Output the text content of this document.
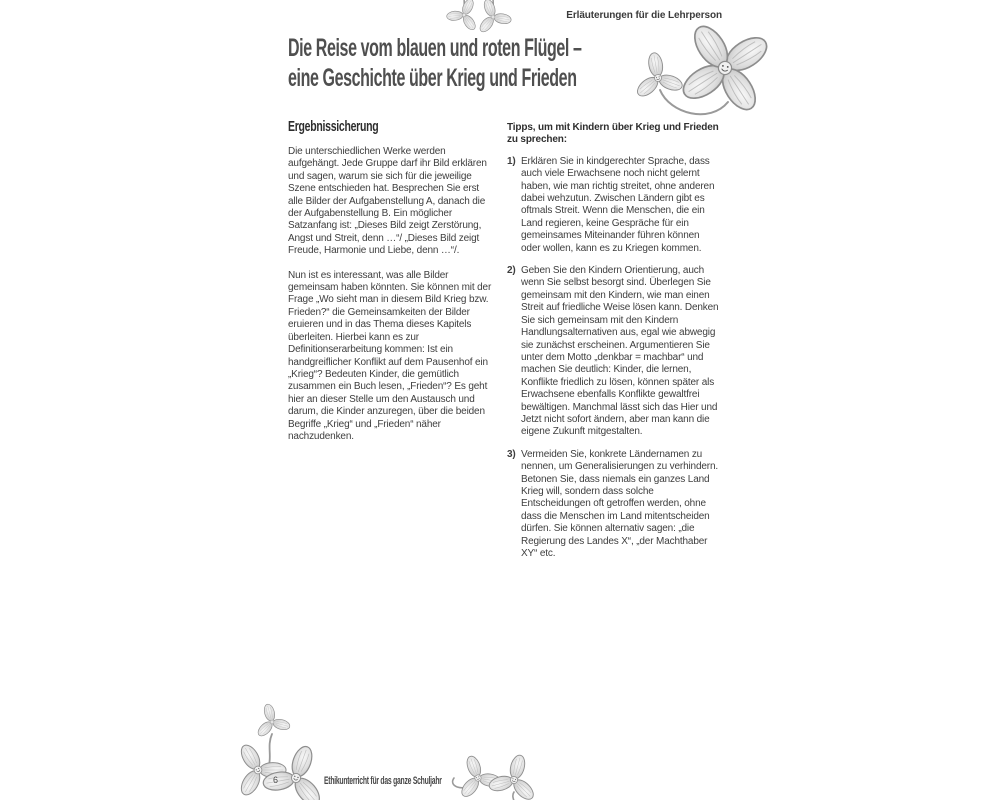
Erläuterungen für die Lehrperson
Die Reise vom blauen und roten Flügel –
eine Geschichte über Krieg und Frieden
Ergebnissicherung

Die unterschiedlichen Werke werden aufgehängt. Jede Gruppe darf ihr Bild erklären und sagen, warum sie sich für die jeweilige Szene entschieden hat. Besprechen Sie erst alle Bilder der Aufgabenstellung A, danach die der Aufgabenstellung B. Ein möglicher Satzanfang ist: „Dieses Bild zeigt Zerstörung, Angst und Streit, denn …“/ „Dieses Bild zeigt Freude, Harmonie und Liebe, denn …“/.

Nun ist es interessant, was alle Bilder gemeinsam haben könnten. Sie können mit der Frage „Wo sieht man in diesem Bild Krieg bzw. Frieden?“ die Gemeinsamkeiten der Bilder eruieren und in das Thema dieses Kapitels überleiten. Hierbei kann es zur Definitionserarbeitung kommen: Ist ein handgreiflicher Konflikt auf dem Pausenhof ein „Krieg“? Bedeuten Kinder, die gemütlich zusammen ein Buch lesen, „Frieden“? Es geht hier an dieser Stelle um den Austausch und darum, die Kinder anzuregen, über die beiden Begriffe „Krieg“ und „Frieden“ näher nachzudenken.

Tipps, um mit Kindern über Krieg und Frieden zu sprechen:
1) Erklären Sie in kindgerechter Sprache, dass auch viele Erwachsene noch nicht gelernt haben, wie man richtig streitet, ohne anderen dabei wehzutun. Zwischen Ländern gibt es oftmals Streit. Wenn die Menschen, die ein Land regieren, keine Gespräche für ein gemeinsames Miteinander führen können oder wollen, kann es zu Kriegen kommen.
2) Geben Sie den Kindern Orientierung, auch wenn Sie selbst besorgt sind. Überlegen Sie gemeinsam mit den Kindern, wie man einen Streit auf friedliche Weise lösen kann. Denken Sie sich gemeinsam mit den Kindern Handlungsalternativen aus, egal wie abwegig sie zunächst erscheinen. Argumentieren Sie unter dem Motto „denkbar = machbar“ und machen Sie deutlich: Kinder, die lernen, Konflikte friedlich zu lösen, können später als Erwachsene ebenfalls Konflikte gewaltfrei bewältigen. Manchmal lässt sich das Hier und Jetzt nicht sofort ändern, aber man kann die eigene Zukunft mitgestalten.
3) Vermeiden Sie, konkrete Ländernamen zu nennen, um Generalisierungen zu verhindern. Betonen Sie, dass niemals ein ganzes Land Krieg will, sondern dass solche Entscheidungen oft getroffen werden, ohne dass die Menschen im Land mitentscheiden dürfen. Sie können alternativ sagen: „die Regierung des Landes X“, „der Machthaber XY“ etc.
6	Ethikunterricht für das ganze Schuljahr
